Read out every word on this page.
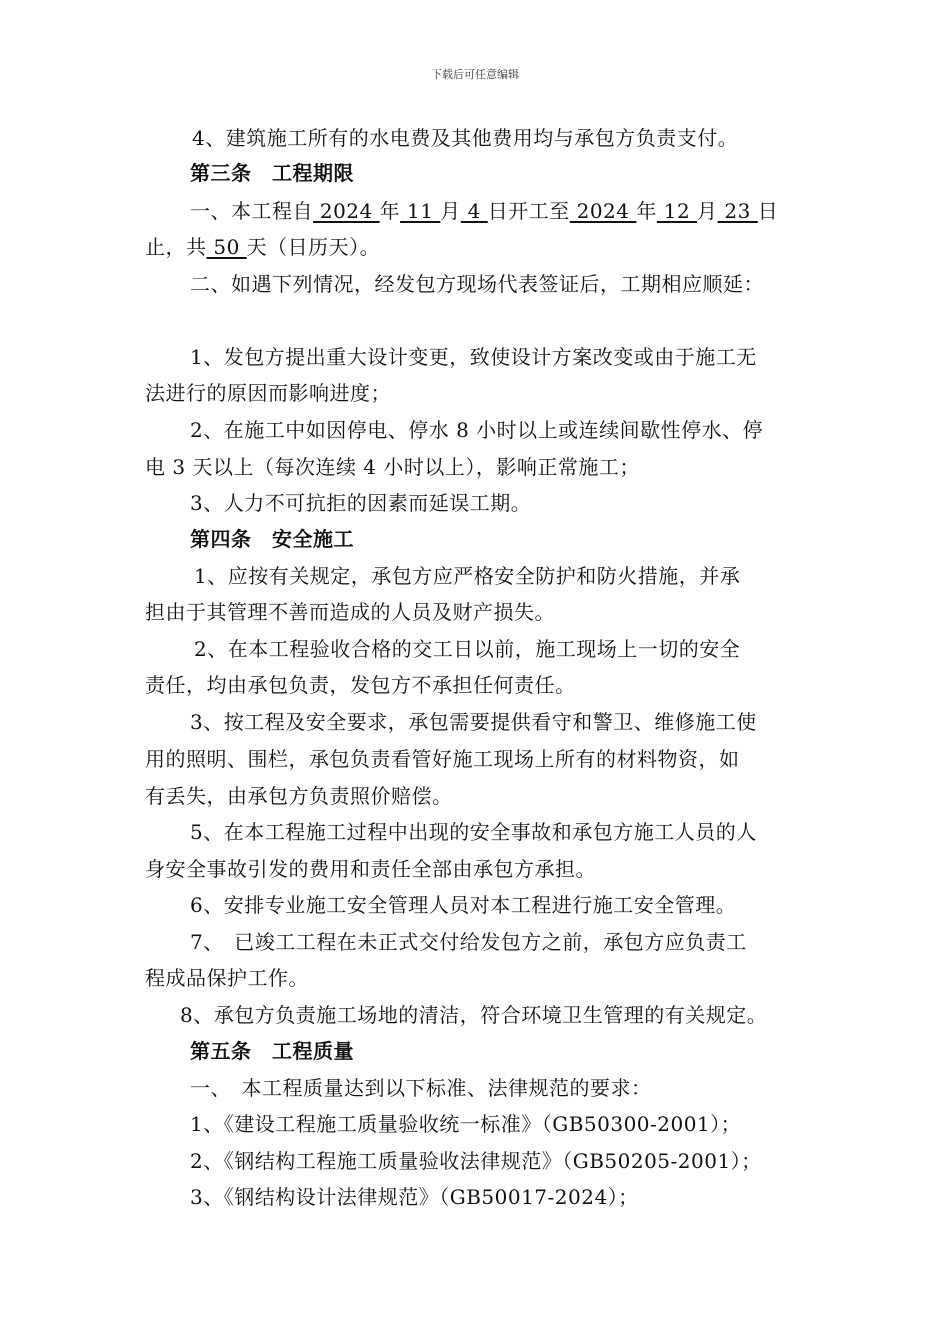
下载后可任意编辑
4、建筑施工所有的水电费及其他费用均与承包方负责支付。
第三条　工程期限
一、本工程自 2024 年 11 月 4 日开工至 2024 年 12 月 23 日
止，共 50 天（日历天）。
二、如遇下列情况，经发包方现场代表签证后，工期相应顺延：
1、发包方提出重大设计变更，致使设计方案改变或由于施工无
法进行的原因而影响进度；
2、在施工中如因停电、停水 8 小时以上或连续间歇性停水、停
电 3 天以上（每次连续 4 小时以上），影响正常施工；
3、人力不可抗拒的因素而延误工期。
第四条　安全施工
1、应按有关规定，承包方应严格安全防护和防火措施，并承
担由于其管理不善而造成的人员及财产损失。
2、在本工程验收合格的交工日以前，施工现场上一切的安全
责任，均由承包负责，发包方不承担任何责任。
3、按工程及安全要求，承包需要提供看守和警卫、维修施工使
用的照明、围栏，承包负责看管好施工现场上所有的材料物资，如
有丢失，由承包方负责照价赔偿。
5、在本工程施工过程中出现的安全事故和承包方施工人员的人
身安全事故引发的费用和责任全部由承包方承担。
6、安排专业施工安全管理人员对本工程进行施工安全管理。
7、　已竣工工程在未正式交付给发包方之前，承包方应负责工
程成品保护工作。
8、承包方负责施工场地的清洁，符合环境卫生管理的有关规定。
第五条　工程质量
一、　本工程质量达到以下标准、法律规范的要求：
1、《建设工程施工质量验收统一标准》（GB50300-2001）；
2、《钢结构工程施工质量验收法律规范》（GB50205-2001）；
3、《钢结构设计法律规范》（GB50017-2024）；
